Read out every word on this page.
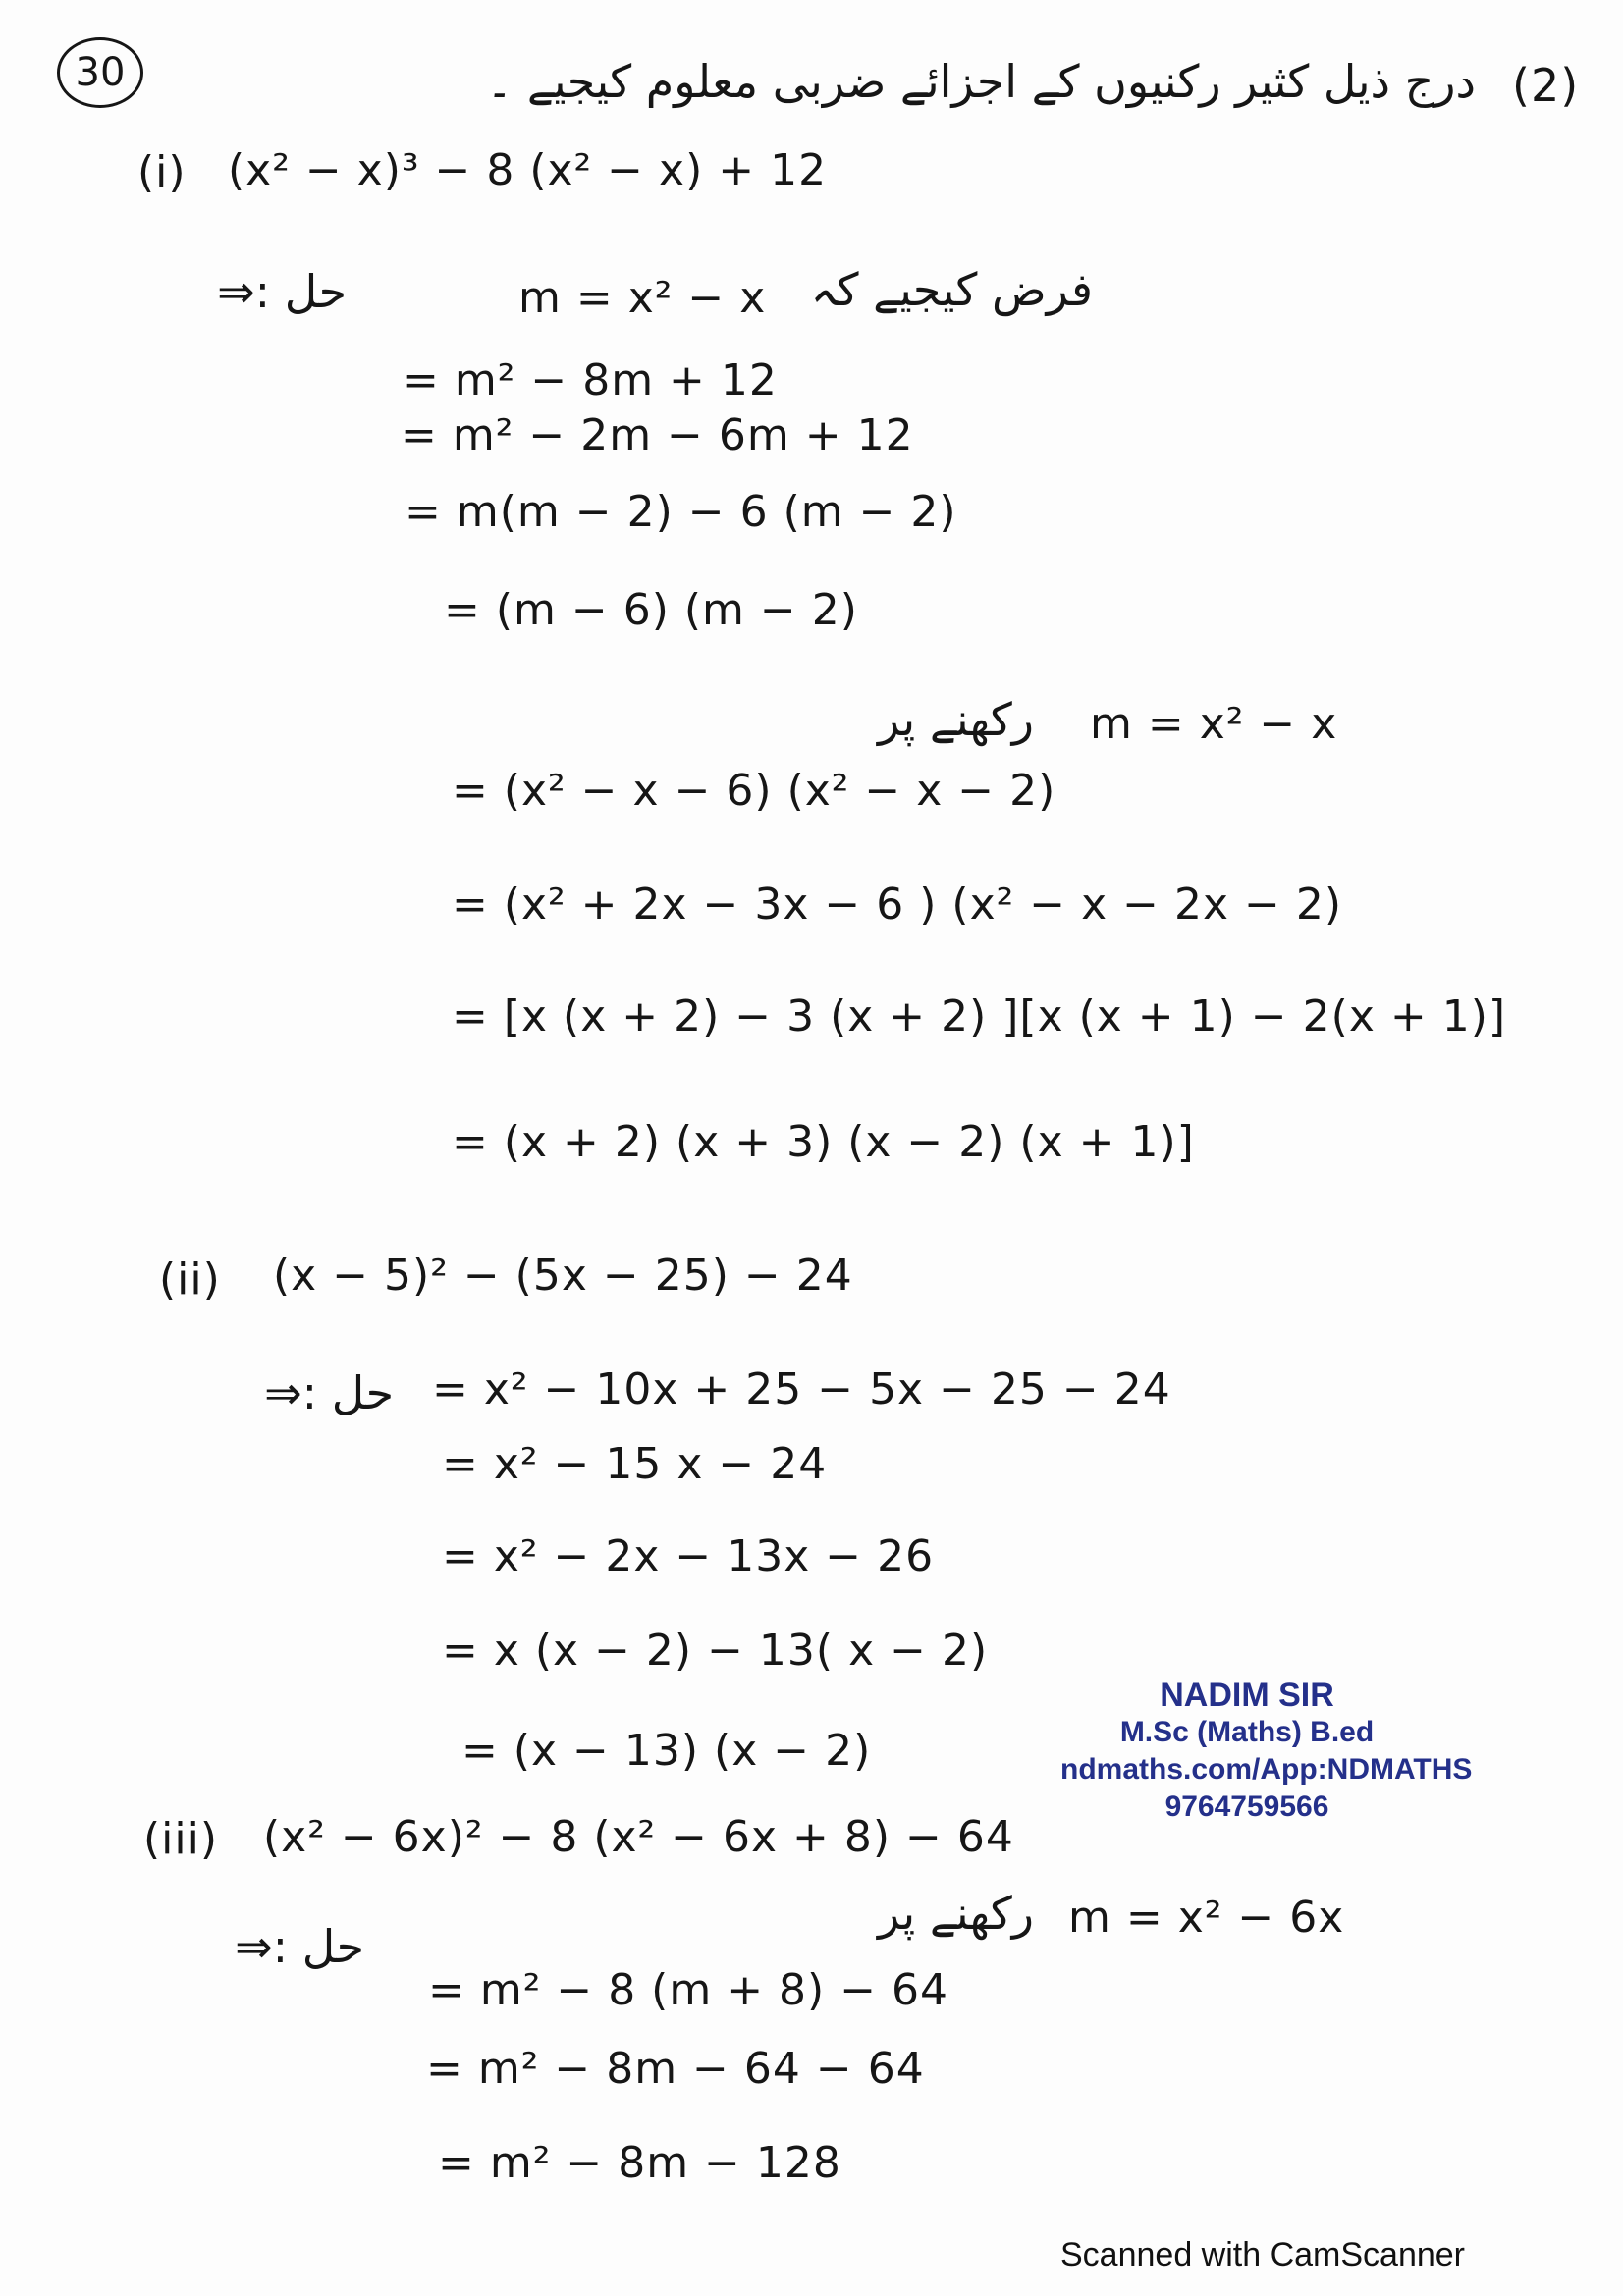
30	درج ذیل کثیر رکنیوں کے اجزائے ضربی معلوم کیجیے ۔ (2)
(i) (x² − x)³ − 8 (x² − x) + 12
حل :⇒	m = x² − x فرض کیجیے کہ
= m² − 8m + 12
= m² − 2m − 6m + 12
= m(m − 2) − 6 (m − 2)
= (m − 6) (m − 2)
m = x² − x
رکھنے پر
= (x² − x − 6) (x² − x − 2)
= (x² + 2x − 3x − 6 ) (x² − x − 2x − 2)
= [x (x + 2) − 3 (x + 2) ][x (x + 1) − 2(x + 1)]
= (x + 2) (x + 3) (x − 2) (x + 1)]
(ii) (x − 5)² − (5x − 25) − 24
حل :⇒ = x² − 10x + 25 − 5x − 25 − 24
= x² − 15 x − 24
= x² − 2x − 13x − 26
= x (x − 2) − 13( x − 2)
= (x − 13) (x − 2)
(iii) (x² − 6x)² − 8 (x² − 6x + 8) − 64
m = x² − 6x
رکھنے پر
حل :⇒
= m² − 8 (m + 8) − 64
= m² − 8m − 64 − 64
= m² − 8m − 128
NADIM SIR
M.Sc (Maths) B.ed
ndmaths.com/App:NDMATHS
9764759566
Scanned with CamScanner
